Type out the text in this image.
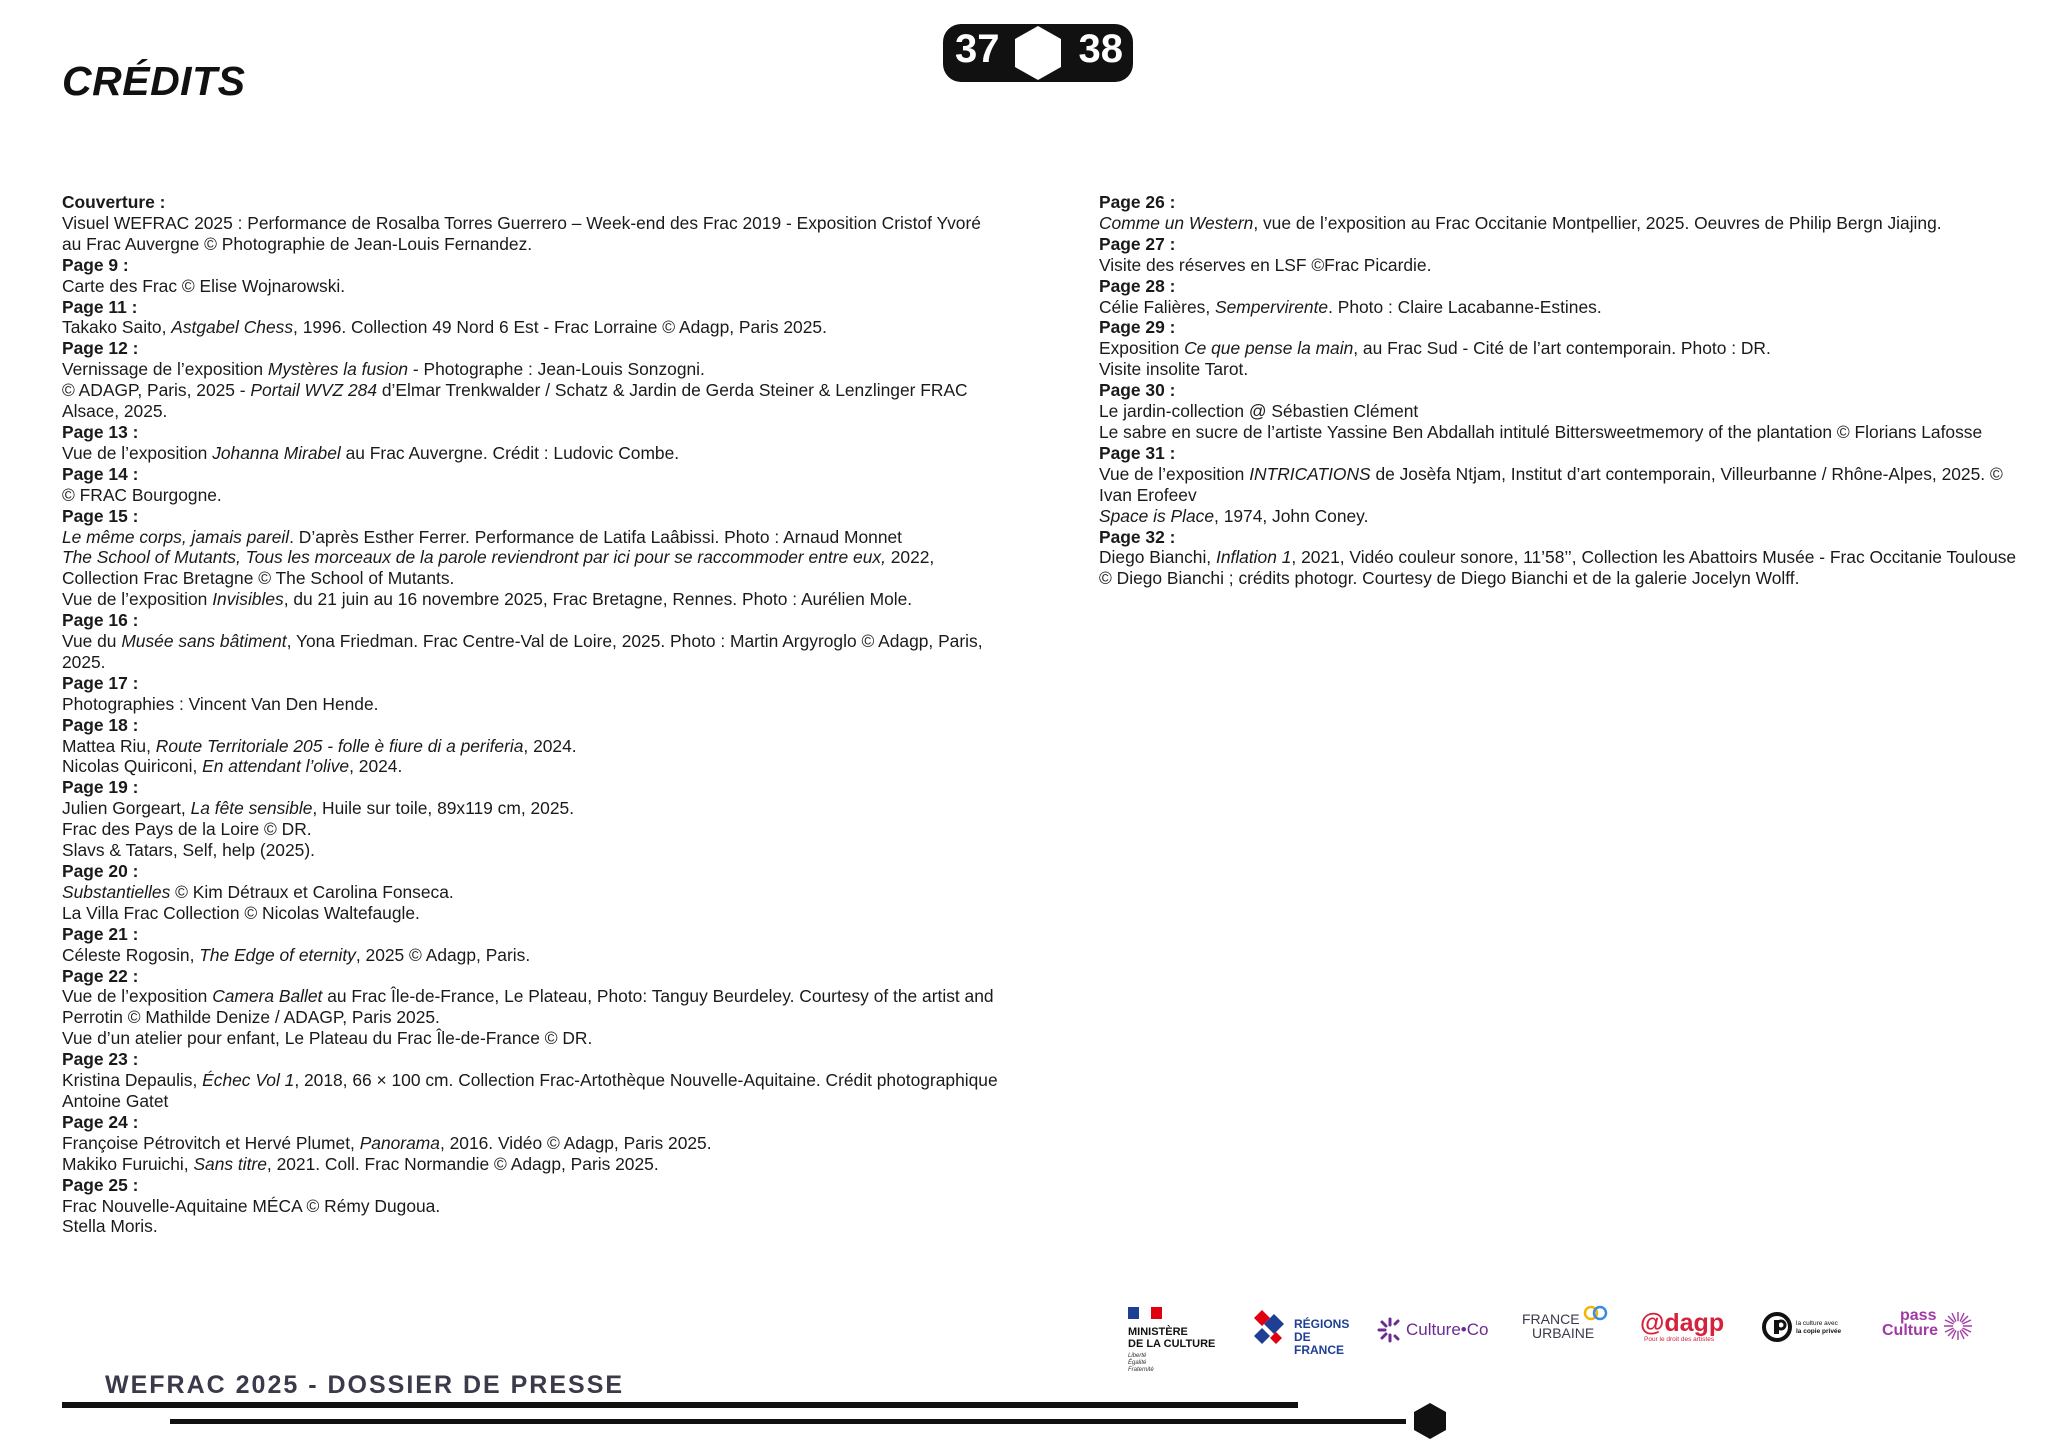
CRÉDITS
37 38
Couverture :
Visuel WEFRAC 2025 : Performance de Rosalba Torres Guerrero – Week-end des Frac 2019 - Exposition Cristof Yvoré au Frac Auvergne © Photographie de Jean-Louis Fernandez.
Page 9 :
Carte des Frac © Elise Wojnarowski.
Page 11 :
Takako Saito, Astgabel Chess, 1996. Collection 49 Nord 6 Est - Frac Lorraine © Adagp, Paris 2025.
Page 12 :
Vernissage de l’exposition Mystères la fusion - Photographe : Jean-Louis Sonzogni.
© ADAGP, Paris, 2025 - Portail WVZ 284 d’Elmar Trenkwalder / Schatz & Jardin de Gerda Steiner & Lenzlinger FRAC Alsace, 2025.
Page 13 :
Vue de l’exposition Johanna Mirabel au Frac Auvergne. Crédit : Ludovic Combe.
Page 14 :
© FRAC Bourgogne.
Page 15 :
Le même corps, jamais pareil. D’après Esther Ferrer. Performance de Latifa Laâbissi. Photo : Arnaud Monnet
The School of Mutants, Tous les morceaux de la parole reviendront par ici pour se raccommoder entre eux, 2022, Collection Frac Bretagne © The School of Mutants.
Vue de l’exposition Invisibles, du 21 juin au 16 novembre 2025, Frac Bretagne, Rennes. Photo : Aurélien Mole.
Page 16 :
Vue du Musée sans bâtiment, Yona Friedman. Frac Centre-Val de Loire, 2025. Photo : Martin Argyroglo © Adagp, Paris, 2025.
Page 17 :
Photographies : Vincent Van Den Hende.
Page 18 :
Mattea Riu, Route Territoriale 205 - folle è fiure di a periferia, 2024.
Nicolas Quiriconi, En attendant l’olive, 2024.
Page 19 :
Julien Gorgeart, La fête sensible, Huile sur toile, 89x119 cm, 2025.
Frac des Pays de la Loire © DR.
Slavs & Tatars, Self, help (2025).
Page 20 :
Substantielles © Kim Détraux et Carolina Fonseca.
La Villa Frac Collection © Nicolas Waltefaugle.
Page 21 :
Céleste Rogosin, The Edge of eternity, 2025 © Adagp, Paris.
Page 22 :
Vue de l’exposition Camera Ballet au Frac Île-de-France, Le Plateau, Photo: Tanguy Beurdeley. Courtesy of the artist and Perrotin © Mathilde Denize / ADAGP, Paris 2025.
Vue d’un atelier pour enfant, Le Plateau du Frac Île-de-France © DR.
Page 23 :
Kristina Depaulis, Échec Vol 1, 2018, 66 × 100 cm. Collection Frac-Artothèque Nouvelle-Aquitaine. Crédit photographique Antoine Gatet
Page 24 :
Françoise Pétrovitch et Hervé Plumet, Panorama, 2016. Vidéo © Adagp, Paris 2025.
Makiko Furuichi, Sans titre, 2021. Coll. Frac Normandie © Adagp, Paris 2025.
Page 25 :
Frac Nouvelle-Aquitaine MÉCA © Rémy Dugoua.
Stella Moris.
Page 26 :
Comme un Western, vue de l’exposition au Frac Occitanie Montpellier, 2025. Oeuvres de Philip Bergn Jiajing.
Page 27 :
Visite des réserves en LSF ©Frac Picardie.
Page 28 :
Célie Falières, Sempervirente. Photo : Claire Lacabanne-Estines.
Page 29 :
Exposition Ce que pense la main, au Frac Sud - Cité de l’art contemporain. Photo : DR.
Visite insolite Tarot.
Page 30 :
Le jardin-collection @ Sébastien Clément
Le sabre en sucre de l’artiste Yassine Ben Abdallah intitulé Bittersweetmemory of the plantation © Florians Lafosse
Page 31 :
Vue de l’exposition INTRICATIONS de Josèfa Ntjam, Institut d’art contemporain, Villeurbanne / Rhône-Alpes, 2025. © Ivan Erofeev
Space is Place, 1974, John Coney.
Page 32 :
Diego Bianchi, Inflation 1, 2021, Vidéo couleur sonore, 11’58’’, Collection les Abattoirs Musée - Frac Occitanie Toulouse © Diego Bianchi ; crédits photogr. Courtesy de Diego Bianchi et de la galerie Jocelyn Wolff.
MINISTÈRE
DE LA CULTURE
Liberté
Égalité
Fraternité
RÉGIONS
DE FRANCE
Culture•Co
FRANCE
URBAINE @dagp
Pour le droit des artistes
la culture avec
la copie privée
pass
Culture
WEFRAC 2025 - DOSSIER DE PRESSE
